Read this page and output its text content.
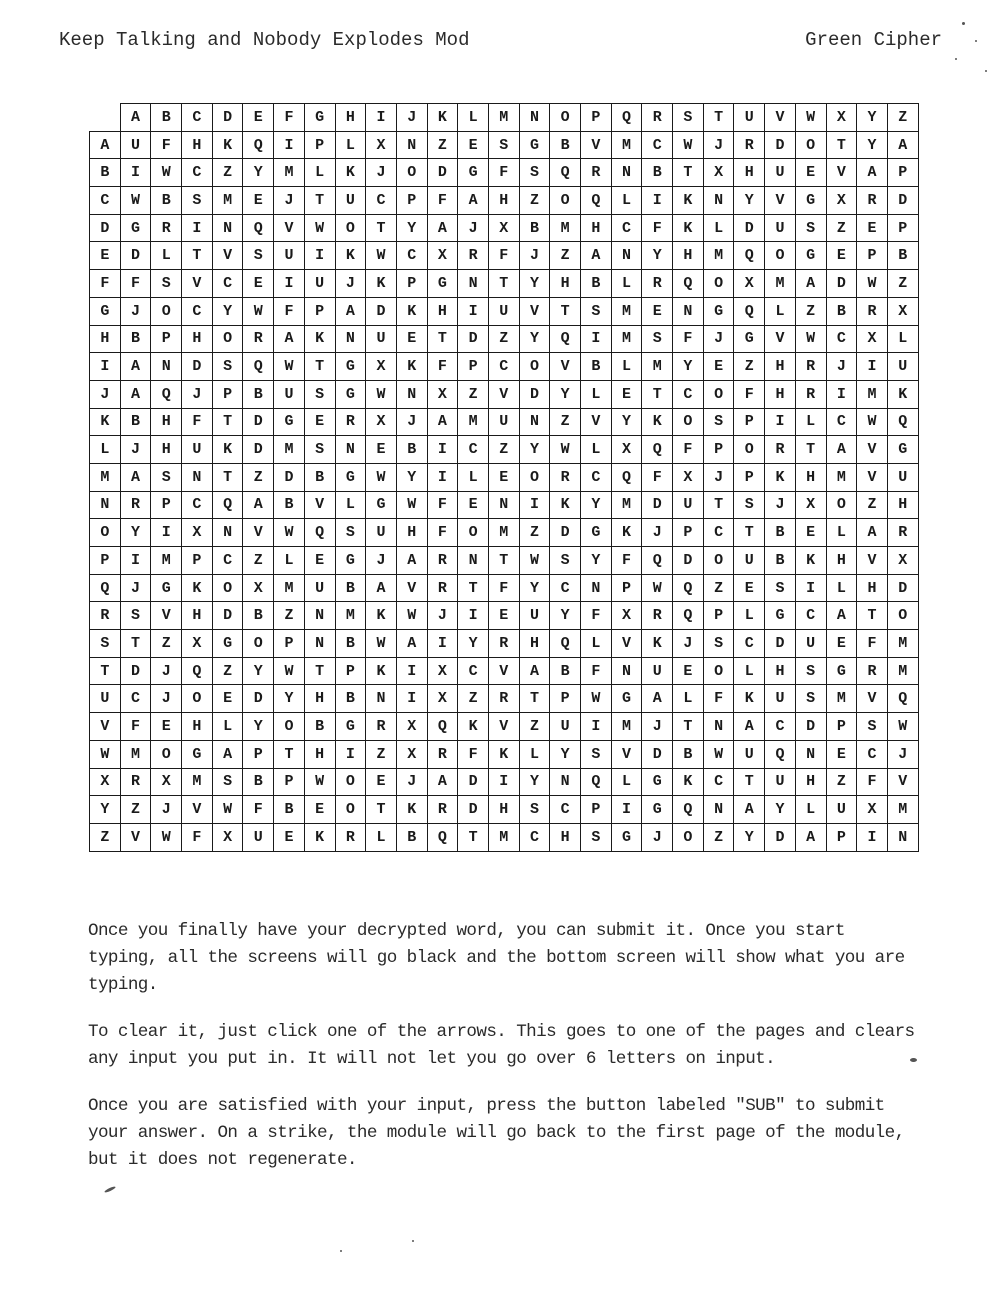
Keep Talking and Nobody Explodes Mod	Green Cipher
	A	B	C	D	E	F	G	H	I	J	K	L	M	N	O	P	Q	R	S	T	U	V	W	X	Y	Z
A	U	F	H	K	Q	I	P	L	X	N	Z	E	S	G	B	V	M	C	W	J	R	D	O	T	Y	A
B	I	W	C	Z	Y	M	L	K	J	O	D	G	F	S	Q	R	N	B	T	X	H	U	E	V	A	P
C	W	B	S	M	E	J	T	U	C	P	F	A	H	Z	O	Q	L	I	K	N	Y	V	G	X	R	D
D	G	R	I	N	Q	V	W	O	T	Y	A	J	X	B	M	H	C	F	K	L	D	U	S	Z	E	P
E	D	L	T	V	S	U	I	K	W	C	X	R	F	J	Z	A	N	Y	H	M	Q	O	G	E	P	B
F	F	S	V	C	E	I	U	J	K	P	G	N	T	Y	H	B	L	R	Q	O	X	M	A	D	W	Z
G	J	O	C	Y	W	F	P	A	D	K	H	I	U	V	T	S	M	E	N	G	Q	L	Z	B	R	X
H	B	P	H	O	R	A	K	N	U	E	T	D	Z	Y	Q	I	M	S	F	J	G	V	W	C	X	L
I	A	N	D	S	Q	W	T	G	X	K	F	P	C	O	V	B	L	M	Y	E	Z	H	R	J	I	U
J	A	Q	J	P	B	U	S	G	W	N	X	Z	V	D	Y	L	E	T	C	O	F	H	R	I	M	K
K	B	H	F	T	D	G	E	R	X	J	A	M	U	N	Z	V	Y	K	O	S	P	I	L	C	W	Q
L	J	H	U	K	D	M	S	N	E	B	I	C	Z	Y	W	L	X	Q	F	P	O	R	T	A	V	G
M	A	S	N	T	Z	D	B	G	W	Y	I	L	E	O	R	C	Q	F	X	J	P	K	H	M	V	U
N	R	P	C	Q	A	B	V	L	G	W	F	E	N	I	K	Y	M	D	U	T	S	J	X	O	Z	H
O	Y	I	X	N	V	W	Q	S	U	H	F	O	M	Z	D	G	K	J	P	C	T	B	E	L	A	R
P	I	M	P	C	Z	L	E	G	J	A	R	N	T	W	S	Y	F	Q	D	O	U	B	K	H	V	X
Q	J	G	K	O	X	M	U	B	A	V	R	T	F	Y	C	N	P	W	Q	Z	E	S	I	L	H	D
R	S	V	H	D	B	Z	N	M	K	W	J	I	E	U	Y	F	X	R	Q	P	L	G	C	A	T	O
S	T	Z	X	G	O	P	N	B	W	A	I	Y	R	H	Q	L	V	K	J	S	C	D	U	E	F	M
T	D	J	Q	Z	Y	W	T	P	K	I	X	C	V	A	B	F	N	U	E	O	L	H	S	G	R	M
U	C	J	O	E	D	Y	H	B	N	I	X	Z	R	T	P	W	G	A	L	F	K	U	S	M	V	Q
V	F	E	H	L	Y	O	B	G	R	X	Q	K	V	Z	U	I	M	J	T	N	A	C	D	P	S	W
W	M	O	G	A	P	T	H	I	Z	X	R	F	K	L	Y	S	V	D	B	W	U	Q	N	E	C	J
X	R	X	M	S	B	P	W	O	E	J	A	D	I	Y	N	Q	L	G	K	C	T	U	H	Z	F	V
Y	Z	J	V	W	F	B	E	O	T	K	R	D	H	S	C	P	I	G	Q	N	A	Y	L	U	X	M
Z	V	W	F	X	U	E	K	R	L	B	Q	T	M	C	H	S	G	J	O	Z	Y	D	A	P	I	N

Once you finally have your decrypted word, you can submit it. Once you start typing, all the screens will go black and the bottom screen will show what you are typing.

To clear it, just click one of the arrows. This goes to one of the pages and clears any input you put in. It will not let you go over 6 letters on input.

Once you are satisfied with your input, press the button labeled "SUB" to submit your answer. On a strike, the module will go back to the first page of the module, but it does not regenerate.
